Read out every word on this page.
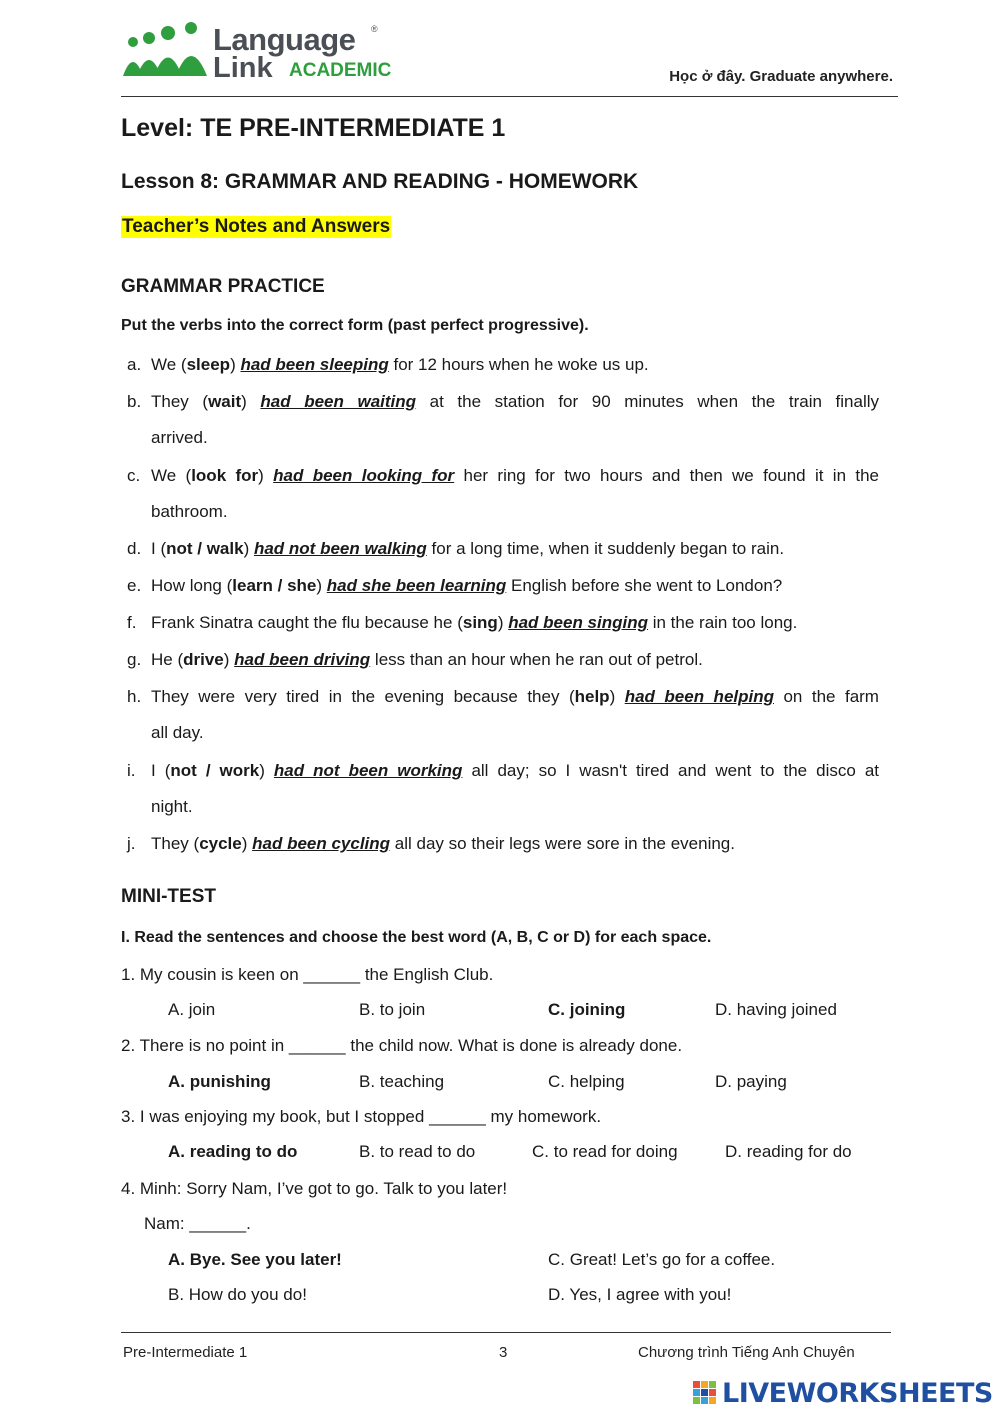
Language ®
Link ACADEMIC	Học ở đây. Graduate anywhere.
Level: TE PRE-INTERMEDIATE 1
Lesson 8: GRAMMAR AND READING - HOMEWORK
Teacher’s Notes and Answers
GRAMMAR PRACTICE
Put the verbs into the correct form (past perfect progressive).
a. We (sleep) had been sleeping for 12 hours when he woke us up.
b. They (wait) had been waiting at the station for 90 minutes when the train finally
arrived.
c. We (look for) had been looking for her ring for two hours and then we found it in the
bathroom.
d. I (not / walk) had not been walking for a long time, when it suddenly began to rain.
e. How long (learn / she) had she been learning English before she went to London?
f. Frank Sinatra caught the flu because he (sing) had been singing in the rain too long.
g. He (drive) had been driving less than an hour when he ran out of petrol.
h. They were very tired in the evening because they (help) had been helping on the farm
all day.
i. I (not / work) had not been working all day; so I wasn't tired and went to the disco at
night.
j. They (cycle) had been cycling all day so their legs were sore in the evening.
MINI-TEST
I. Read the sentences and choose the best word (A, B, C or D) for each space.
1. My cousin is keen on ______ the English Club.
A. join	B. to join	C. joining	D. having joined
2. There is no point in ______ the child now. What is done is already done.
A. punishing	B. teaching	C. helping	D. paying
3. I was enjoying my book, but I stopped ______ my homework.
A. reading to do	B. to read to do	C. to read for doing	D. reading for do
4. Minh: Sorry Nam, I’ve got to go. Talk to you later!
Nam: ______.
A. Bye. See you later!	C. Great! Let’s go for a coffee.
B. How do you do!	D. Yes, I agree with you!
Pre-Intermediate 1	3	Chương trình Tiếng Anh Chuyên
LIVEWORKSHEETS
